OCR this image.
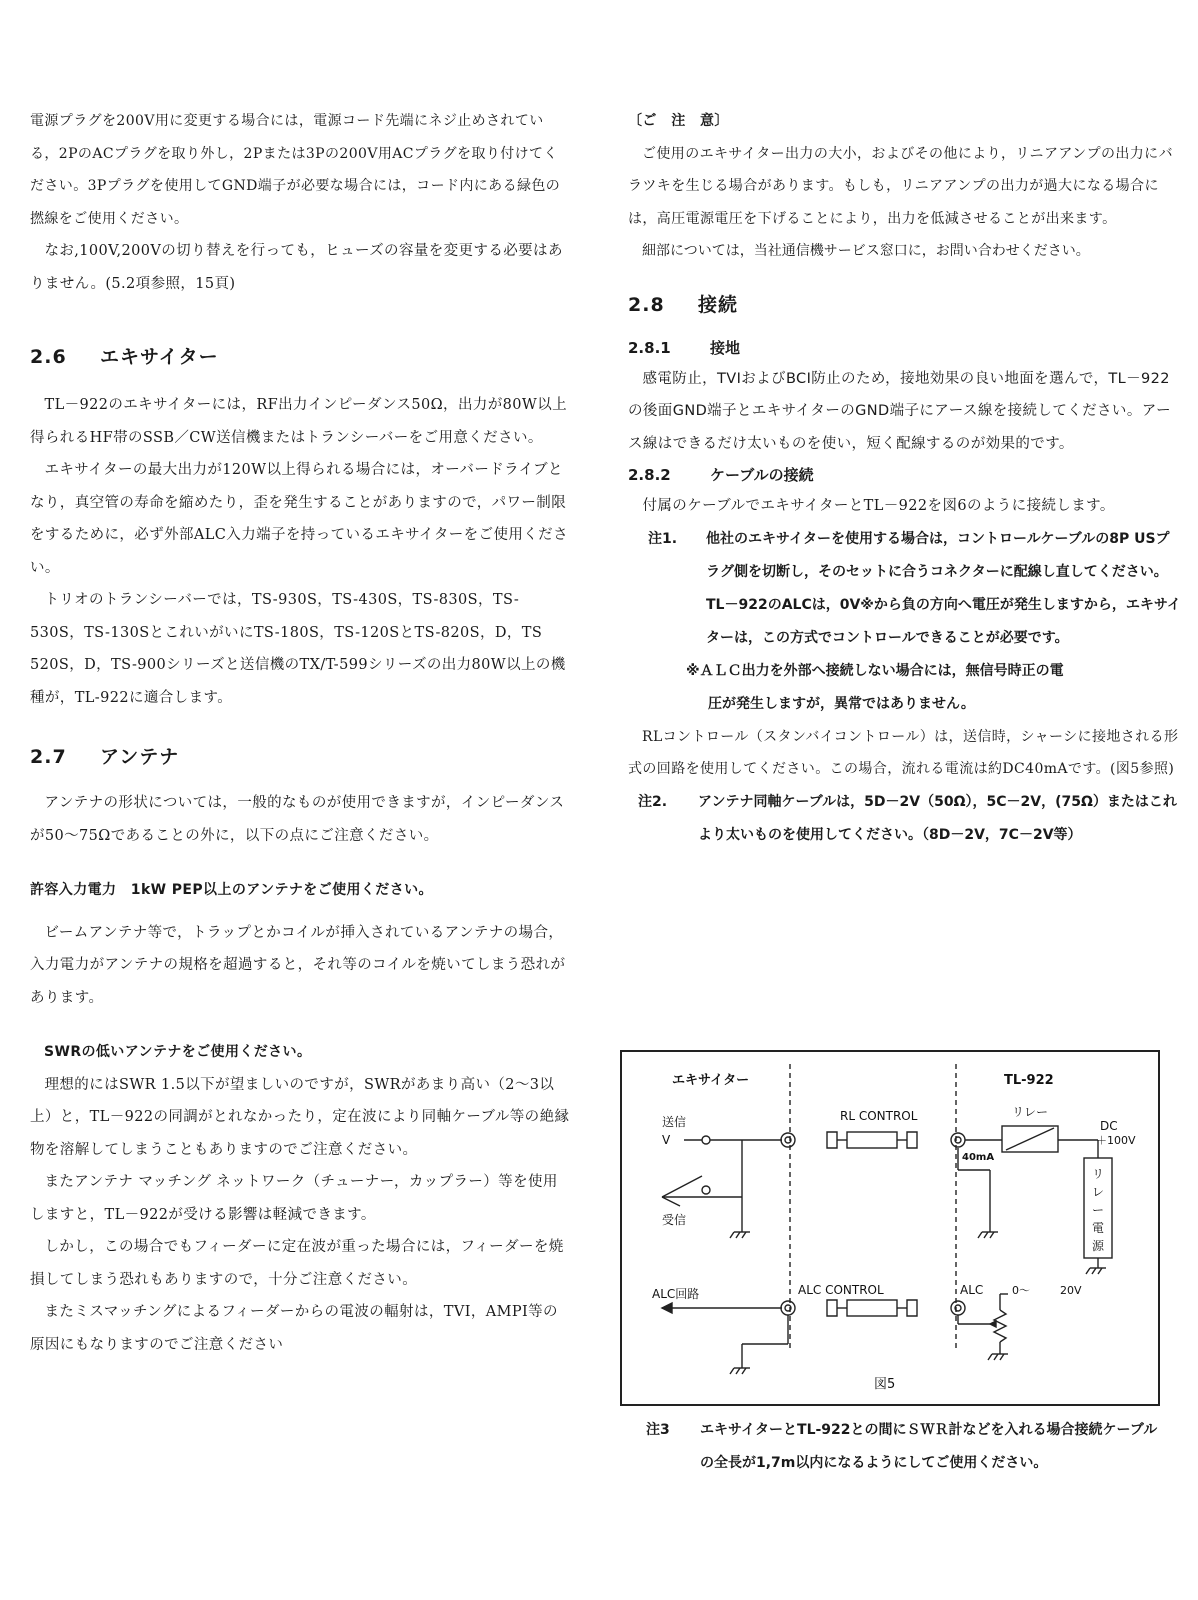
電源プラグを200V用に変更する場合には，電源コード先端にネジ止めされている，2PのACプラグを取り外し，2Pまたは3Pの200V用ACプラグを取り付けてください。3Pプラグを使用してGND端子が必要な場合には，コード内にある緑色の撚線をご使用ください。

なお,100V,200Vの切り替えを行っても，ヒューズの容量を変更する必要はありません。(5.2項参照，15頁)

2.6 エキサイター

TL－922のエキサイターには，RF出力インピーダンス50Ω，出力が80W以上得られるHF帯のSSB／CW送信機またはトランシーバーをご用意ください。

エキサイターの最大出力が120W以上得られる場合には，オーバードライブとなり，真空管の寿命を縮めたり，歪を発生することがありますので，パワー制限をするために，必ず外部ALC入力端子を持っているエキサイターをご使用ください。

トリオのトランシーバーでは，TS-930S，TS-430S，TS-830S，TS-530S，TS-130SとこれいがいにTS-180S，TS-120SとTS-820S，D，TS 520S，D，TS-900シリーズと送信機のTX/T-599シリーズの出力80W以上の機種が，TL-922に適合します。

2.7 アンテナ

アンテナの形状については，一般的なものが使用できますが，インピーダンスが50～75Ωであることの外に，以下の点にご注意ください。

許容入力電力　1kW PEP以上のアンテナをご使用ください。

ビームアンテナ等で，トラップとかコイルが挿入されているアンテナの場合，入力電力がアンテナの規格を超過すると，それ等のコイルを焼いてしまう恐れがあります。

SWRの低いアンテナをご使用ください。

理想的にはSWR 1.5以下が望ましいのですが，SWRがあまり高い（2～3以上）と，TL－922の同調がとれなかったり，定在波により同軸ケーブル等の絶縁物を溶解してしまうこともありますのでご注意ください。

またアンテナ マッチング ネットワーク（チューナー，カップラー）等を使用しますと，TL－922が受ける影響は軽減できます。

しかし，この場合でもフィーダーに定在波が重った場合には，フィーダーを焼損してしまう恐れもありますので，十分ご注意ください。

またミスマッチングによるフィーダーからの電波の輻射は，TVI，AMPI等の原因にもなりますのでご注意ください

〔ご　注　意〕

ご使用のエキサイター出力の大小，およびその他により，リニアアンプの出力にバラツキを生じる場合があります。もしも，リニアアンプの出力が過大になる場合には，高圧電源電圧を下げることにより，出力を低減させることが出来ます。

細部については，当社通信機サービス窓口に，お問い合わせください。

2.8 接続
2.8.1	接地

感電防止，TVIおよびBCI防止のため，接地効果の良い地面を選んで，TL－922の後面GND端子とエキサイターのGND端子にアース線を接続してください。アース線はできるだけ太いものを使い，短く配線するのが効果的です。

2.8.2	ケーブルの接続

付属のケーブルでエキサイターとTL－922を図6のように接続します。

注1.	他社のエキサイターを使用する場合は，コントロールケーブルの8P USプラグ側を切断し，そのセットに合うコネクターに配線し直してください。TL－922のALCは，0V※から負の方向へ電圧が発生しますから，エキサイターは，この方式でコントロールできることが必要です。
※ＡＬＣ出力を外部へ接続しない場合には，無信号時正の電
圧が発生しますが，異常ではありません。

RLコントロール（スタンバイコントロール）は，送信時，シャーシに接地される形式の回路を使用してください。この場合，流れる電流は約DC40mAです。(図5参照)

注2.	アンテナ同軸ケーブルは，5D－2V（50Ω），5C－2V，(75Ω）またはこれより太いものを使用してください。（8D－2V，7C－2V等）
エキサイター	TL-922
送信
V
受信
RL CONTROL	リレー
DC
＋100V
40mA
リ
レ
ー
電
源
ALC回路	ALC CONTROL	ALC	0～	20V
図5
注3	エキサイターとTL-922との間にＳＷＲ計などを入れる場合接続ケーブルの全長が1,7m以内になるようにしてご使用ください。
